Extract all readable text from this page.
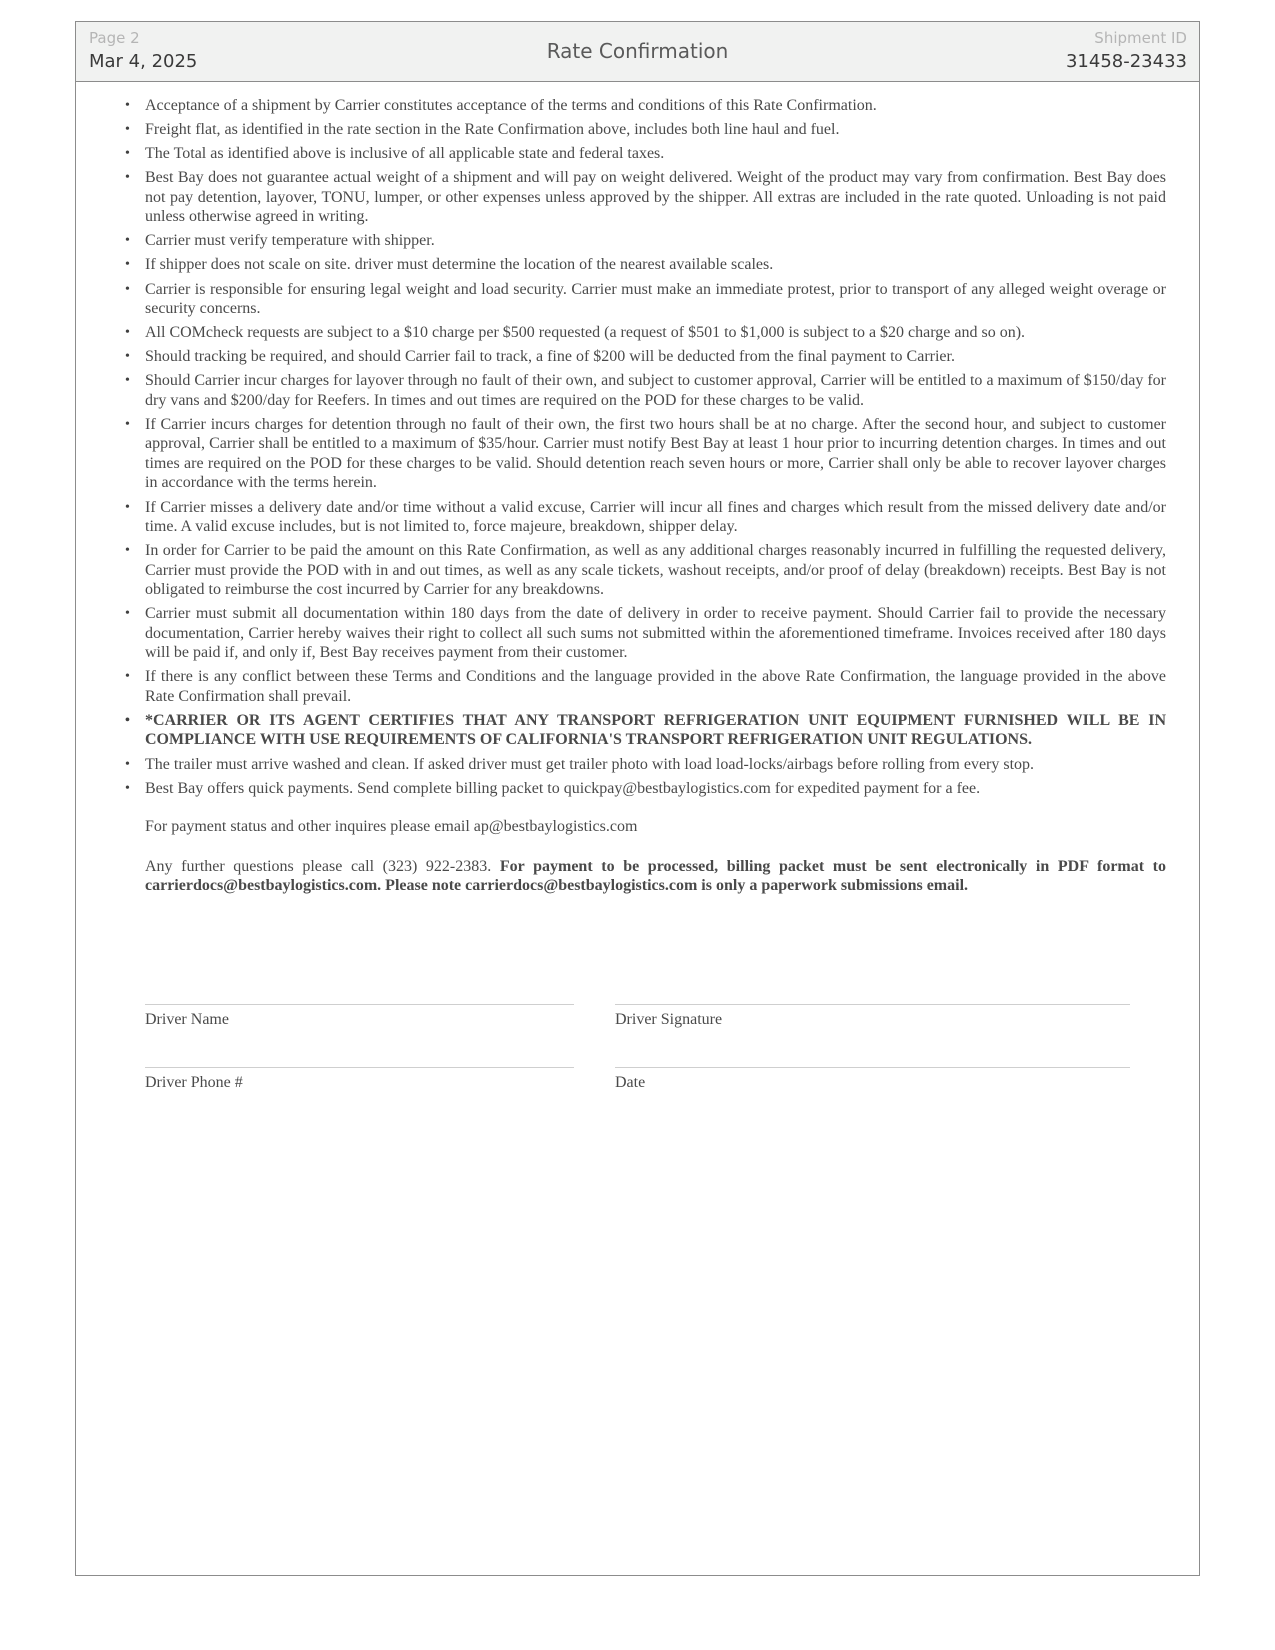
Page 2
Mar 4, 2025	Rate Confirmation
Shipment ID
31458-23433
• Acceptance of a shipment by Carrier constitutes acceptance of the terms and conditions of this Rate Confirmation.
• Freight flat, as identified in the rate section in the Rate Confirmation above, includes both line haul and fuel.
• The Total as identified above is inclusive of all applicable state and federal taxes.
• Best Bay does not guarantee actual weight of a shipment and will pay on weight delivered. Weight of the product may vary from confirmation. Best Bay does not pay detention, layover, TONU, lumper, or other expenses unless approved by the shipper. All extras are included in the rate quoted. Unloading is not paid unless otherwise agreed in writing.
• Carrier must verify temperature with shipper.
• If shipper does not scale on site. driver must determine the location of the nearest available scales.
• Carrier is responsible for ensuring legal weight and load security. Carrier must make an immediate protest, prior to transport of any alleged weight overage or security concerns.
• All COMcheck requests are subject to a $10 charge per $500 requested (a request of $501 to $1,000 is subject to a $20 charge and so on).
• Should tracking be required, and should Carrier fail to track, a fine of $200 will be deducted from the final payment to Carrier.
• Should Carrier incur charges for layover through no fault of their own, and subject to customer approval, Carrier will be entitled to a maximum of $150/day for dry vans and $200/day for Reefers. In times and out times are required on the POD for these charges to be valid.
• If Carrier incurs charges for detention through no fault of their own, the first two hours shall be at no charge. After the second hour, and subject to customer approval, Carrier shall be entitled to a maximum of $35/hour. Carrier must notify Best Bay at least 1 hour prior to incurring detention charges. In times and out times are required on the POD for these charges to be valid. Should detention reach seven hours or more, Carrier shall only be able to recover layover charges in accordance with the terms herein.
• If Carrier misses a delivery date and/or time without a valid excuse, Carrier will incur all fines and charges which result from the missed delivery date and/or time. A valid excuse includes, but is not limited to, force majeure, breakdown, shipper delay.
• In order for Carrier to be paid the amount on this Rate Confirmation, as well as any additional charges reasonably incurred in fulfilling the requested delivery, Carrier must provide the POD with in and out times, as well as any scale tickets, washout receipts, and/or proof of delay (breakdown) receipts. Best Bay is not obligated to reimburse the cost incurred by Carrier for any breakdowns.
• Carrier must submit all documentation within 180 days from the date of delivery in order to receive payment. Should Carrier fail to provide the necessary documentation, Carrier hereby waives their right to collect all such sums not submitted within the aforementioned timeframe. Invoices received after 180 days will be paid if, and only if, Best Bay receives payment from their customer.
• If there is any conflict between these Terms and Conditions and the language provided in the above Rate Confirmation, the language provided in the above Rate Confirmation shall prevail.
• *CARRIER OR ITS AGENT CERTIFIES THAT ANY TRANSPORT REFRIGERATION UNIT EQUIPMENT FURNISHED WILL BE IN COMPLIANCE WITH USE REQUIREMENTS OF CALIFORNIA'S TRANSPORT REFRIGERATION UNIT REGULATIONS.
• The trailer must arrive washed and clean. If asked driver must get trailer photo with load load-locks/airbags before rolling from every stop.
• Best Bay offers quick payments. Send complete billing packet to quickpay@bestbaylogistics.com for expedited payment for a fee.

For payment status and other inquires please email ap@bestbaylogistics.com

Any further questions please call (323) 922-2383. For payment to be processed, billing packet must be sent electronically in PDF format to carrierdocs@bestbaylogistics.com. Please note carrierdocs@bestbaylogistics.com is only a paperwork submissions email.

Driver Name	Driver Signature
Driver Phone #	Date
